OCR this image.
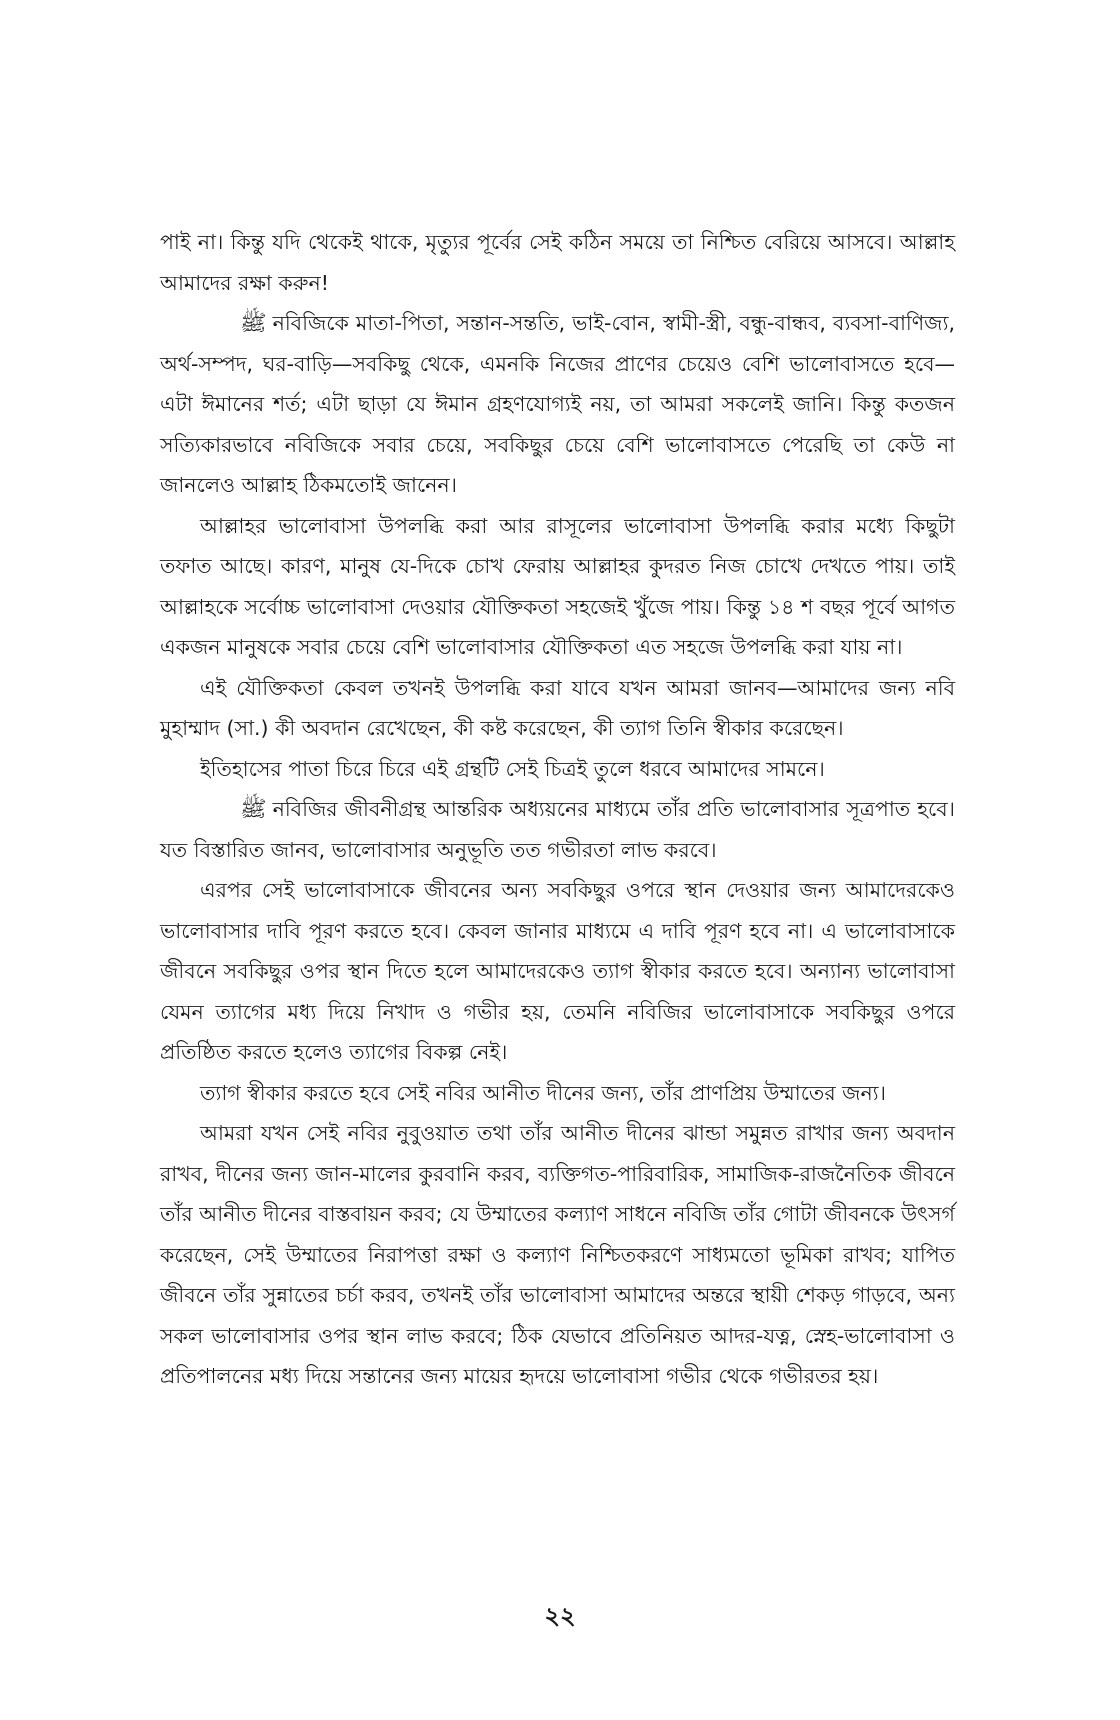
পাই না। কিন্তু যদি থেকেই থাকে, মৃত্যুর পূর্বের সেই কঠিন সময়ে তা নিশ্চিত বেরিয়ে আসবে। আল্লাহ আমাদের রক্ষা করুন!

ﷺ নবিজিকে মাতা-পিতা, সন্তান-সন্ততি, ভাই-বোন, স্বামী-স্ত্রী, বন্ধু-বান্ধব, ব্যবসা-বাণিজ্য, অর্থ-সম্পদ, ঘর-বাড়ি—সবকিছু থেকে, এমনকি নিজের প্রাণের চেয়েও বেশি ভালোবাসতে হবে—এটা ঈমানের শর্ত; এটা ছাড়া যে ঈমান গ্রহণযোগ্যই নয়, তা আমরা সকলেই জানি। কিন্তু কতজন সত্যিকারভাবে নবিজিকে সবার চেয়ে, সবকিছুর চেয়ে বেশি ভালোবাসতে পেরেছি তা কেউ না জানলেও আল্লাহ ঠিকমতোই জানেন।

আল্লাহর ভালোবাসা উপলব্ধি করা আর রাসূলের ভালোবাসা উপলব্ধি করার মধ্যে কিছুটা তফাত আছে। কারণ, মানুষ যে-দিকে চোখ ফেরায় আল্লাহর কুদরত নিজ চোখে দেখতে পায়। তাই আল্লাহকে সর্বোচ্চ ভালোবাসা দেওয়ার যৌক্তিকতা সহজেই খুঁজে পায়। কিন্তু ১৪ শ বছর পূর্বে আগত একজন মানুষকে সবার চেয়ে বেশি ভালোবাসার যৌক্তিকতা এত সহজে উপলব্ধি করা যায় না।

এই যৌক্তিকতা কেবল তখনই উপলব্ধি করা যাবে যখন আমরা জানব—আমাদের জন্য নবি মুহাম্মাদ (সা.) কী অবদান রেখেছেন, কী কষ্ট করেছেন, কী ত্যাগ তিনি স্বীকার করেছেন।

ইতিহাসের পাতা চিরে চিরে এই গ্রন্থটি সেই চিত্রই তুলে ধরবে আমাদের সামনে।

ﷺ নবিজির জীবনীগ্রন্থ আন্তরিক অধ্যয়নের মাধ্যমে তাঁর প্রতি ভালোবাসার সূত্রপাত হবে। যত বিস্তারিত জানব, ভালোবাসার অনুভূতি তত গভীরতা লাভ করবে।

এরপর সেই ভালোবাসাকে জীবনের অন্য সবকিছুর ওপরে স্থান দেওয়ার জন্য আমাদেরকেও ভালোবাসার দাবি পূরণ করতে হবে। কেবল জানার মাধ্যমে এ দাবি পূরণ হবে না। এ ভালোবাসাকে জীবনে সবকিছুর ওপর স্থান দিতে হলে আমাদেরকেও ত্যাগ স্বীকার করতে হবে। অন্যান্য ভালোবাসা যেমন ত্যাগের মধ্য দিয়ে নিখাদ ও গভীর হয়, তেমনি নবিজির ভালোবাসাকে সবকিছুর ওপরে প্রতিষ্ঠিত করতে হলেও ত্যাগের বিকল্প নেই।

ত্যাগ স্বীকার করতে হবে সেই নবির আনীত দীনের জন্য, তাঁর প্রাণপ্রিয় উম্মাতের জন্য।

আমরা যখন সেই নবির নুবুওয়াত তথা তাঁর আনীত দীনের ঝান্ডা সমুন্নত রাখার জন্য অবদান রাখব, দীনের জন্য জান-মালের কুরবানি করব, ব্যক্তিগত-পারিবারিক, সামাজিক-রাজনৈতিক জীবনে তাঁর আনীত দীনের বাস্তবায়ন করব; যে উম্মাতের কল্যাণ সাধনে নবিজি তাঁর গোটা জীবনকে উৎসর্গ করেছেন, সেই উম্মাতের নিরাপত্তা রক্ষা ও কল্যাণ নিশ্চিতকরণে সাধ্যমতো ভূমিকা রাখব; যাপিত জীবনে তাঁর সুন্নাতের চর্চা করব, তখনই তাঁর ভালোবাসা আমাদের অন্তরে স্থায়ী শেকড় গাড়বে, অন্য সকল ভালোবাসার ওপর স্থান লাভ করবে; ঠিক যেভাবে প্রতিনিয়ত আদর-যত্ন, স্নেহ-ভালোবাসা ও প্রতিপালনের মধ্য দিয়ে সন্তানের জন্য মায়ের হৃদয়ে ভালোবাসা গভীর থেকে গভীরতর হয়।

২২
